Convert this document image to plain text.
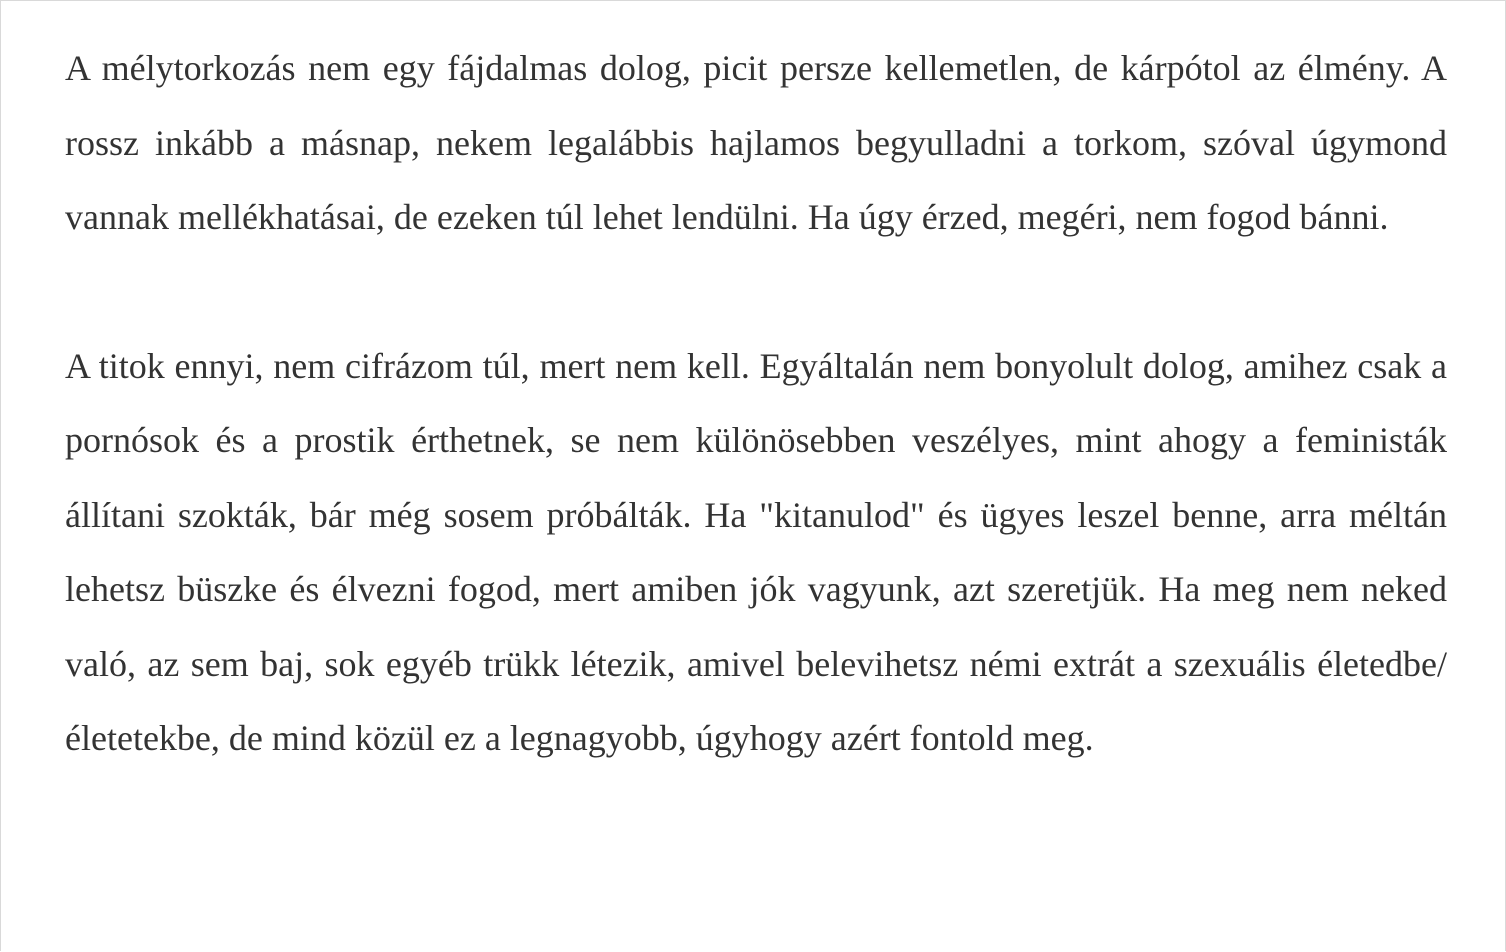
A mélytorkozás nem egy fájdalmas dolog, picit persze kellemetlen, de kárpótol az élmény. A rossz inkább a másnap, nekem legalábbis hajlamos begyulladni a torkom, szóval úgymond vannak mellékhatásai, de ezeken túl lehet lendülni. Ha úgy érzed, megéri, nem fogod bánni.

A titok ennyi, nem cifrázom túl, mert nem kell. Egyáltalán nem bonyolult dolog, amihez csak a pornósok és a prostik érthetnek, se nem különösebben veszélyes, mint ahogy a feministák állítani szokták, bár még sosem próbálták. Ha "kitanulod" és ügyes leszel benne, arra méltán lehetsz büszke és élvezni fogod, mert amiben jók vagyunk, azt szeretjük. Ha meg nem neked való, az sem baj, sok egyéb trükk létezik, amivel belevihetsz némi extrát a szexuális életedbe/életetekbe, de mind közül ez a legnagyobb, úgyhogy azért fontold meg.
